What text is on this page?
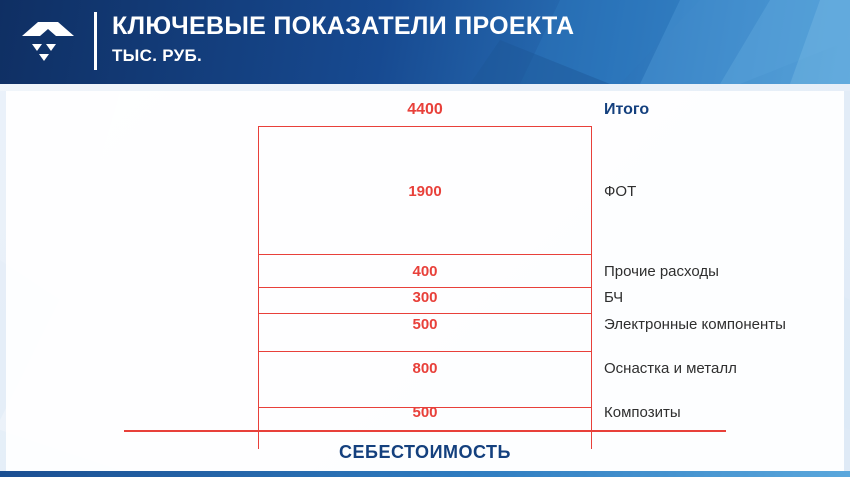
КЛЮЧЕВЫЕ ПОКАЗАТЕЛИ ПРОЕКТА
ТЫС. РУБ.
4400	Итого
1900	ФОТ
400	Прочие расходы
300	БЧ
500	Электронные компоненты
800	Оснастка и металл
500	Композиты
СЕБЕСТОИМОСТЬ
